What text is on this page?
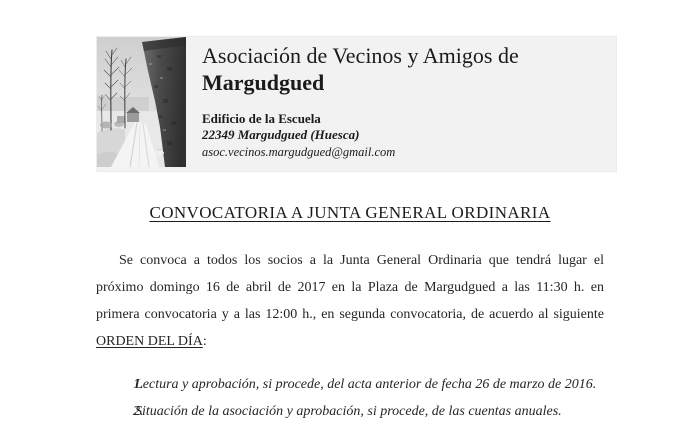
Asociación de Vecinos y Amigos de
Margudgued
Edificio de la Escuela
22349 Margudgued (Huesca)
asoc.vecinos.margudgued@gmail.com
CONVOCATORIA A JUNTA GENERAL ORDINARIA

Se convoca a todos los socios a la Junta General Ordinaria que tendrá lugar el próximo domingo 16 de abril de 2017 en la Plaza de Margudgued a las 11:30 h. en primera convocatoria y a las 12:00 h., en segunda convocatoria, de acuerdo al siguiente ORDEN DEL DÍA:

1. Lectura y aprobación, si procede, del acta anterior de fecha 26 de marzo de 2016.
2. Situación de la asociación y aprobación, si procede, de las cuentas anuales.
